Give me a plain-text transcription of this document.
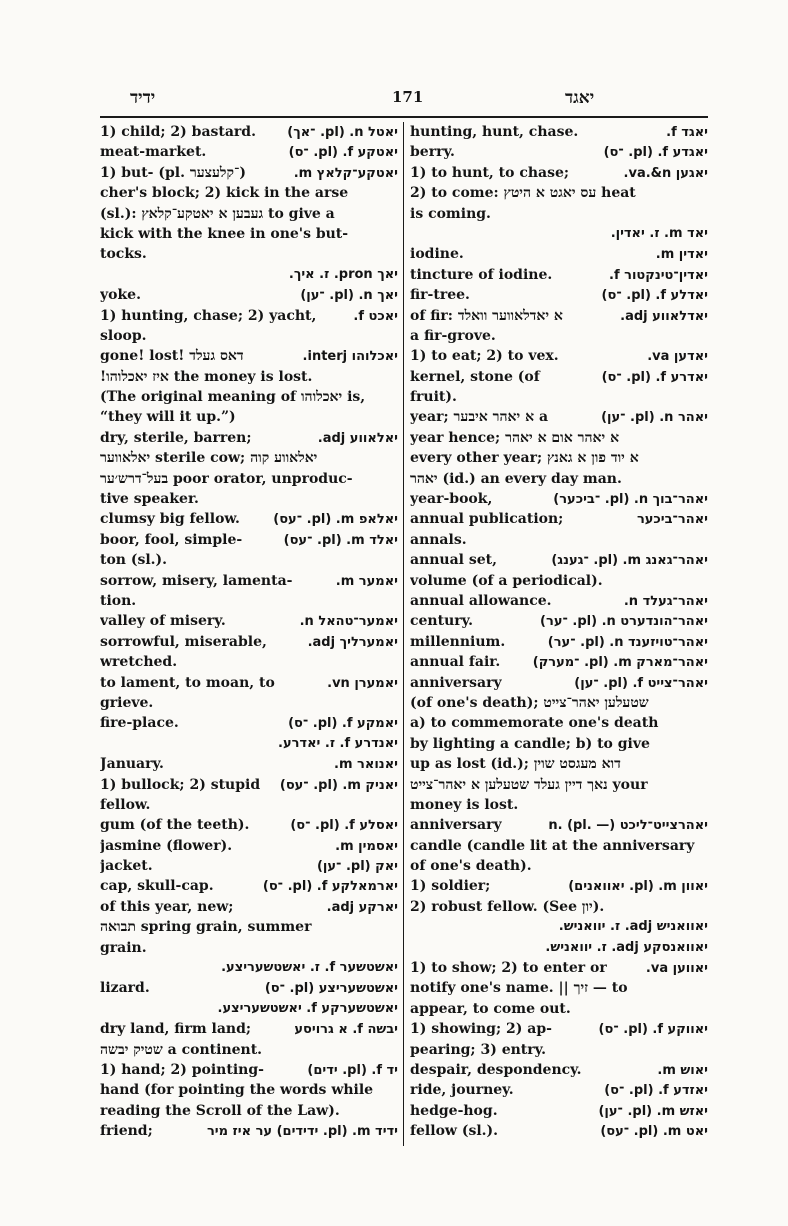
ידיד	171	יאגד
1) child; 2) bastard. יאטל n. (pl. ־אך)
meat-market.	יאטקע f. (pl. ־ס)
1) but- (pl. ־קלעצער)	יאטקע־קלאץ m.
cher's block; 2) kick in the arse
(sl.): געבען א יאטקע־קלאץ to give a
kick with the knee in one's but-
tocks.
יאך pron. ז. איך.
yoke.	יאך n. (pl. ־ען)
1) hunting, chase; 2) yacht,	יאכט f.
sloop.
gone! lost! דאס געלד	יאכלוהו interj.
!איז יאכלוהו the money is lost.
(The original meaning of יאכלוהו is,
“they will it up.”)
dry, sterile, barren;	יאלאווע adj.
יאלאווער sterile cow; יאלאווע קוה
בעל־דרש׳ער poor orator, unproduc-
tive speaker.
clumsy big fellow.	יאלאפ m. (pl. ־עס)
boor, fool, simple-	יאלד m. (pl. ־עס)
ton (sl.).
sorrow, misery, lamenta-	יאמער m.
tion.
valley of misery.	יאמער־טהאל n.
sorrowful, miserable,	יאמערליך adj.
wretched.
to lament, to moan, to	יאמערן vn.
grieve.
fire-place.	יאמקע f. (pl. ־ס)
יאנדרע f. ז. יאדרע.
January.	יאנואר m.
1) bullock; 2) stupid יאניק m. (pl. ־עס)
fellow.
gum (of the teeth).	יאסלע f. (pl. ־ס)
jasmine (flower).	יאסמין m.
jacket.	יאק (pl. ־ען)
cap, skull-cap.	יארמאלקע f. (pl. ־ס)
of this year, new;	יארקע adj.
תבואה spring grain, summer
grain.
יאשטשער f. ז. יאשטשעריצע.
lizard.	יאשטשעריצע (pl. ־ס)
יאשטשערקע f. יאשטשעריצע.
dry land, firm land;	יבשה f. א גרויסע
שטיק יבשה a continent.
1) hand; 2) pointing-	יד f. (pl. ידים)
hand (for pointing the words while
reading the Scroll of the Law).
friend;	ידיד m. (pl. ידידים) ער איז מיר
hunting, hunt, chase.	יאגד f.
berry.	יאגדע f. (pl. ־ס)
1) to hunt, to chase;	יאגען va.&n.
2) to come: עס יאגט א היטץ heat
is coming.
יאד m. ז. יאדין.
iodine.	יאדין m.
tincture of iodine.	יאדין־טינקטור f.
fir-tree.	יאדלע f. (pl. ־ס)
of fir: א יאדלאווער וואלד	יאדלאווע adj.
a fir-grove.
1) to eat; 2) to vex.	יאדען va.
kernel, stone (of	יאדרע f. (pl. ־ס)
fruit).
year; א יאהר איבער a	יאהר n. (pl. ־ען)
year hence; א יאהר אום א יאהר
every other year; א יוד פון א גאנץ
יאהר (id.) an every day man.
year-book,	יאהר־בוך n. (pl. ־ביכער)
annual publication;	יאהר־ביכער
annals.
annual set,	יאהר־גאנג m. (pl. ־גענג)
volume (of a periodical).
annual allowance.	יאהר־געלד n.
century.	יאהר־הונדערט n. (pl. ־ער)
millennium.	יאהר־טויזענד n. (pl. ־ער)
annual fair.	יאהר־מארק m. (pl. ־מערק)
anniversary	יאהר־צייט f. (pl. ־ען)
(of one's death); שטעלען יאהר־צייט
a) to commemorate one's death
by lighting a candle; b) to give
up as lost (id.); דוא מעגסט שוין
נאך דיין געלד שטעלען א יאהר־צייט your
money is lost.
anniversary	יאהרצייט־ליכט n. (pl. —)
candle (candle lit at the anniversary
of one's death).
1) soldier;	יאוון m. (pl. יאוואנים)
2) robust fellow. (See יון).
יאוואניש adj. ז. יוואניש.
יאוואנסקע adj. ז. יוואניש.
1) to show; 2) to enter or	יאווען va.
notify one's name. || זיך — to
appear, to come out.
1) showing; 2) ap-	יאווקע f. (pl. ־ס)
pearing; 3) entry.
despair, despondency.	יאוש m.
ride, journey.	יאזדע f. (pl. ־ס)
hedge-hog.	יאזש m. (pl. ־ען)
fellow (sl.).	יאט m. (pl. ־עס)
